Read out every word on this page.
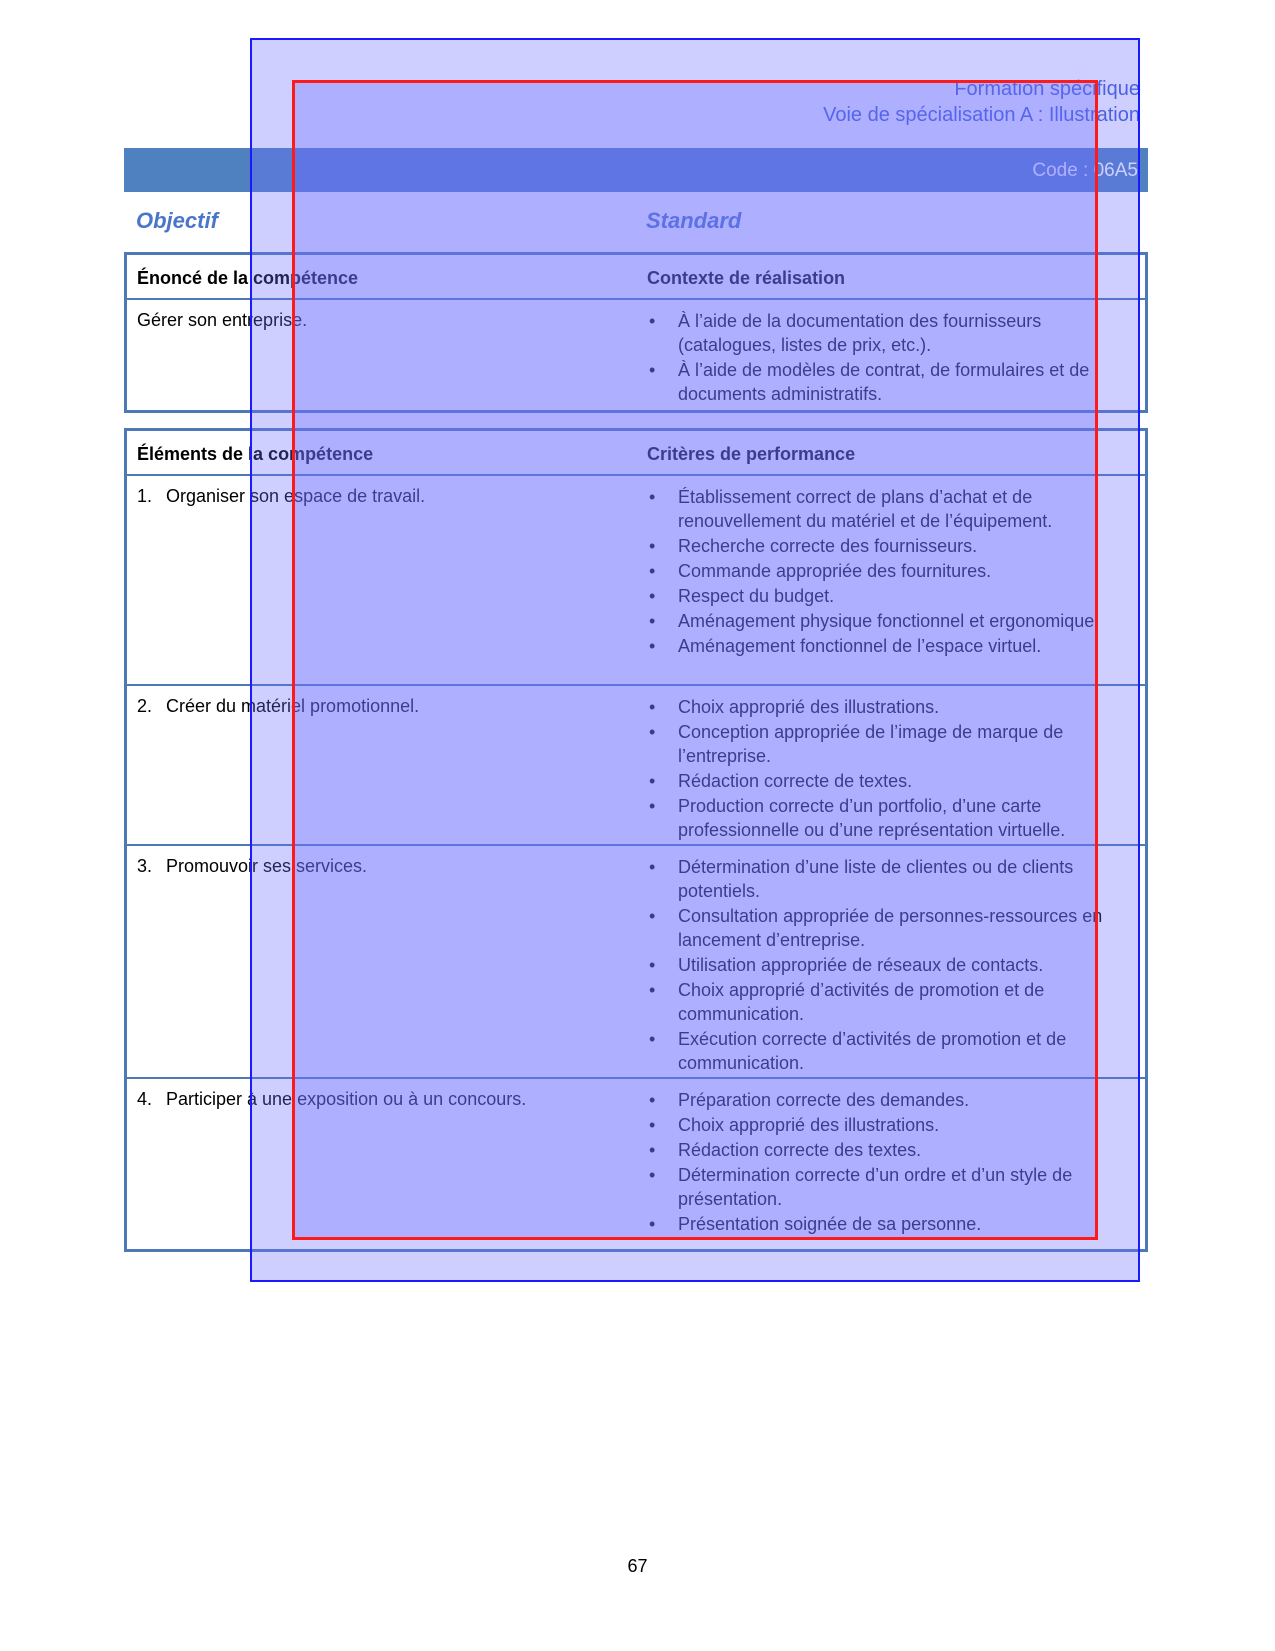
Formation spécifique
Voie de spécialisation A : Illustration
Code : 06A5
Objectif	Standard
Énoncé de la compétence	Contexte de réalisation
Gérer son entreprise.	• À l’aide de la documentation des fournisseurs (catalogues, listes de prix, etc.).
• À l’aide de modèles de contrat, de formulaires et de documents administratifs.
Éléments de la compétence	Critères de performance
1. Organiser son espace de travail.	• Établissement correct de plans d’achat et de renouvellement du matériel et de l’équipement.
• Recherche correcte des fournisseurs.
• Commande appropriée des fournitures.
• Respect du budget.
• Aménagement physique fonctionnel et ergonomique.
• Aménagement fonctionnel de l’espace virtuel.
2. Créer du matériel promotionnel.	• Choix approprié des illustrations.
• Conception appropriée de l’image de marque de l’entreprise.
• Rédaction correcte de textes.
• Production correcte d’un portfolio, d’une carte professionnelle ou d’une représentation virtuelle.
3. Promouvoir ses services.	• Détermination d’une liste de clientes ou de clients potentiels.
• Consultation appropriée de personnes-ressources en lancement d’entreprise.
• Utilisation appropriée de réseaux de contacts.
• Choix approprié d’activités de promotion et de communication.
• Exécution correcte d’activités de promotion et de communication.
4. Participer à une exposition ou à un concours.	• Préparation correcte des demandes.
• Choix approprié des illustrations.
• Rédaction correcte des textes.
• Détermination correcte d’un ordre et d’un style de présentation.
• Présentation soignée de sa personne.
67
